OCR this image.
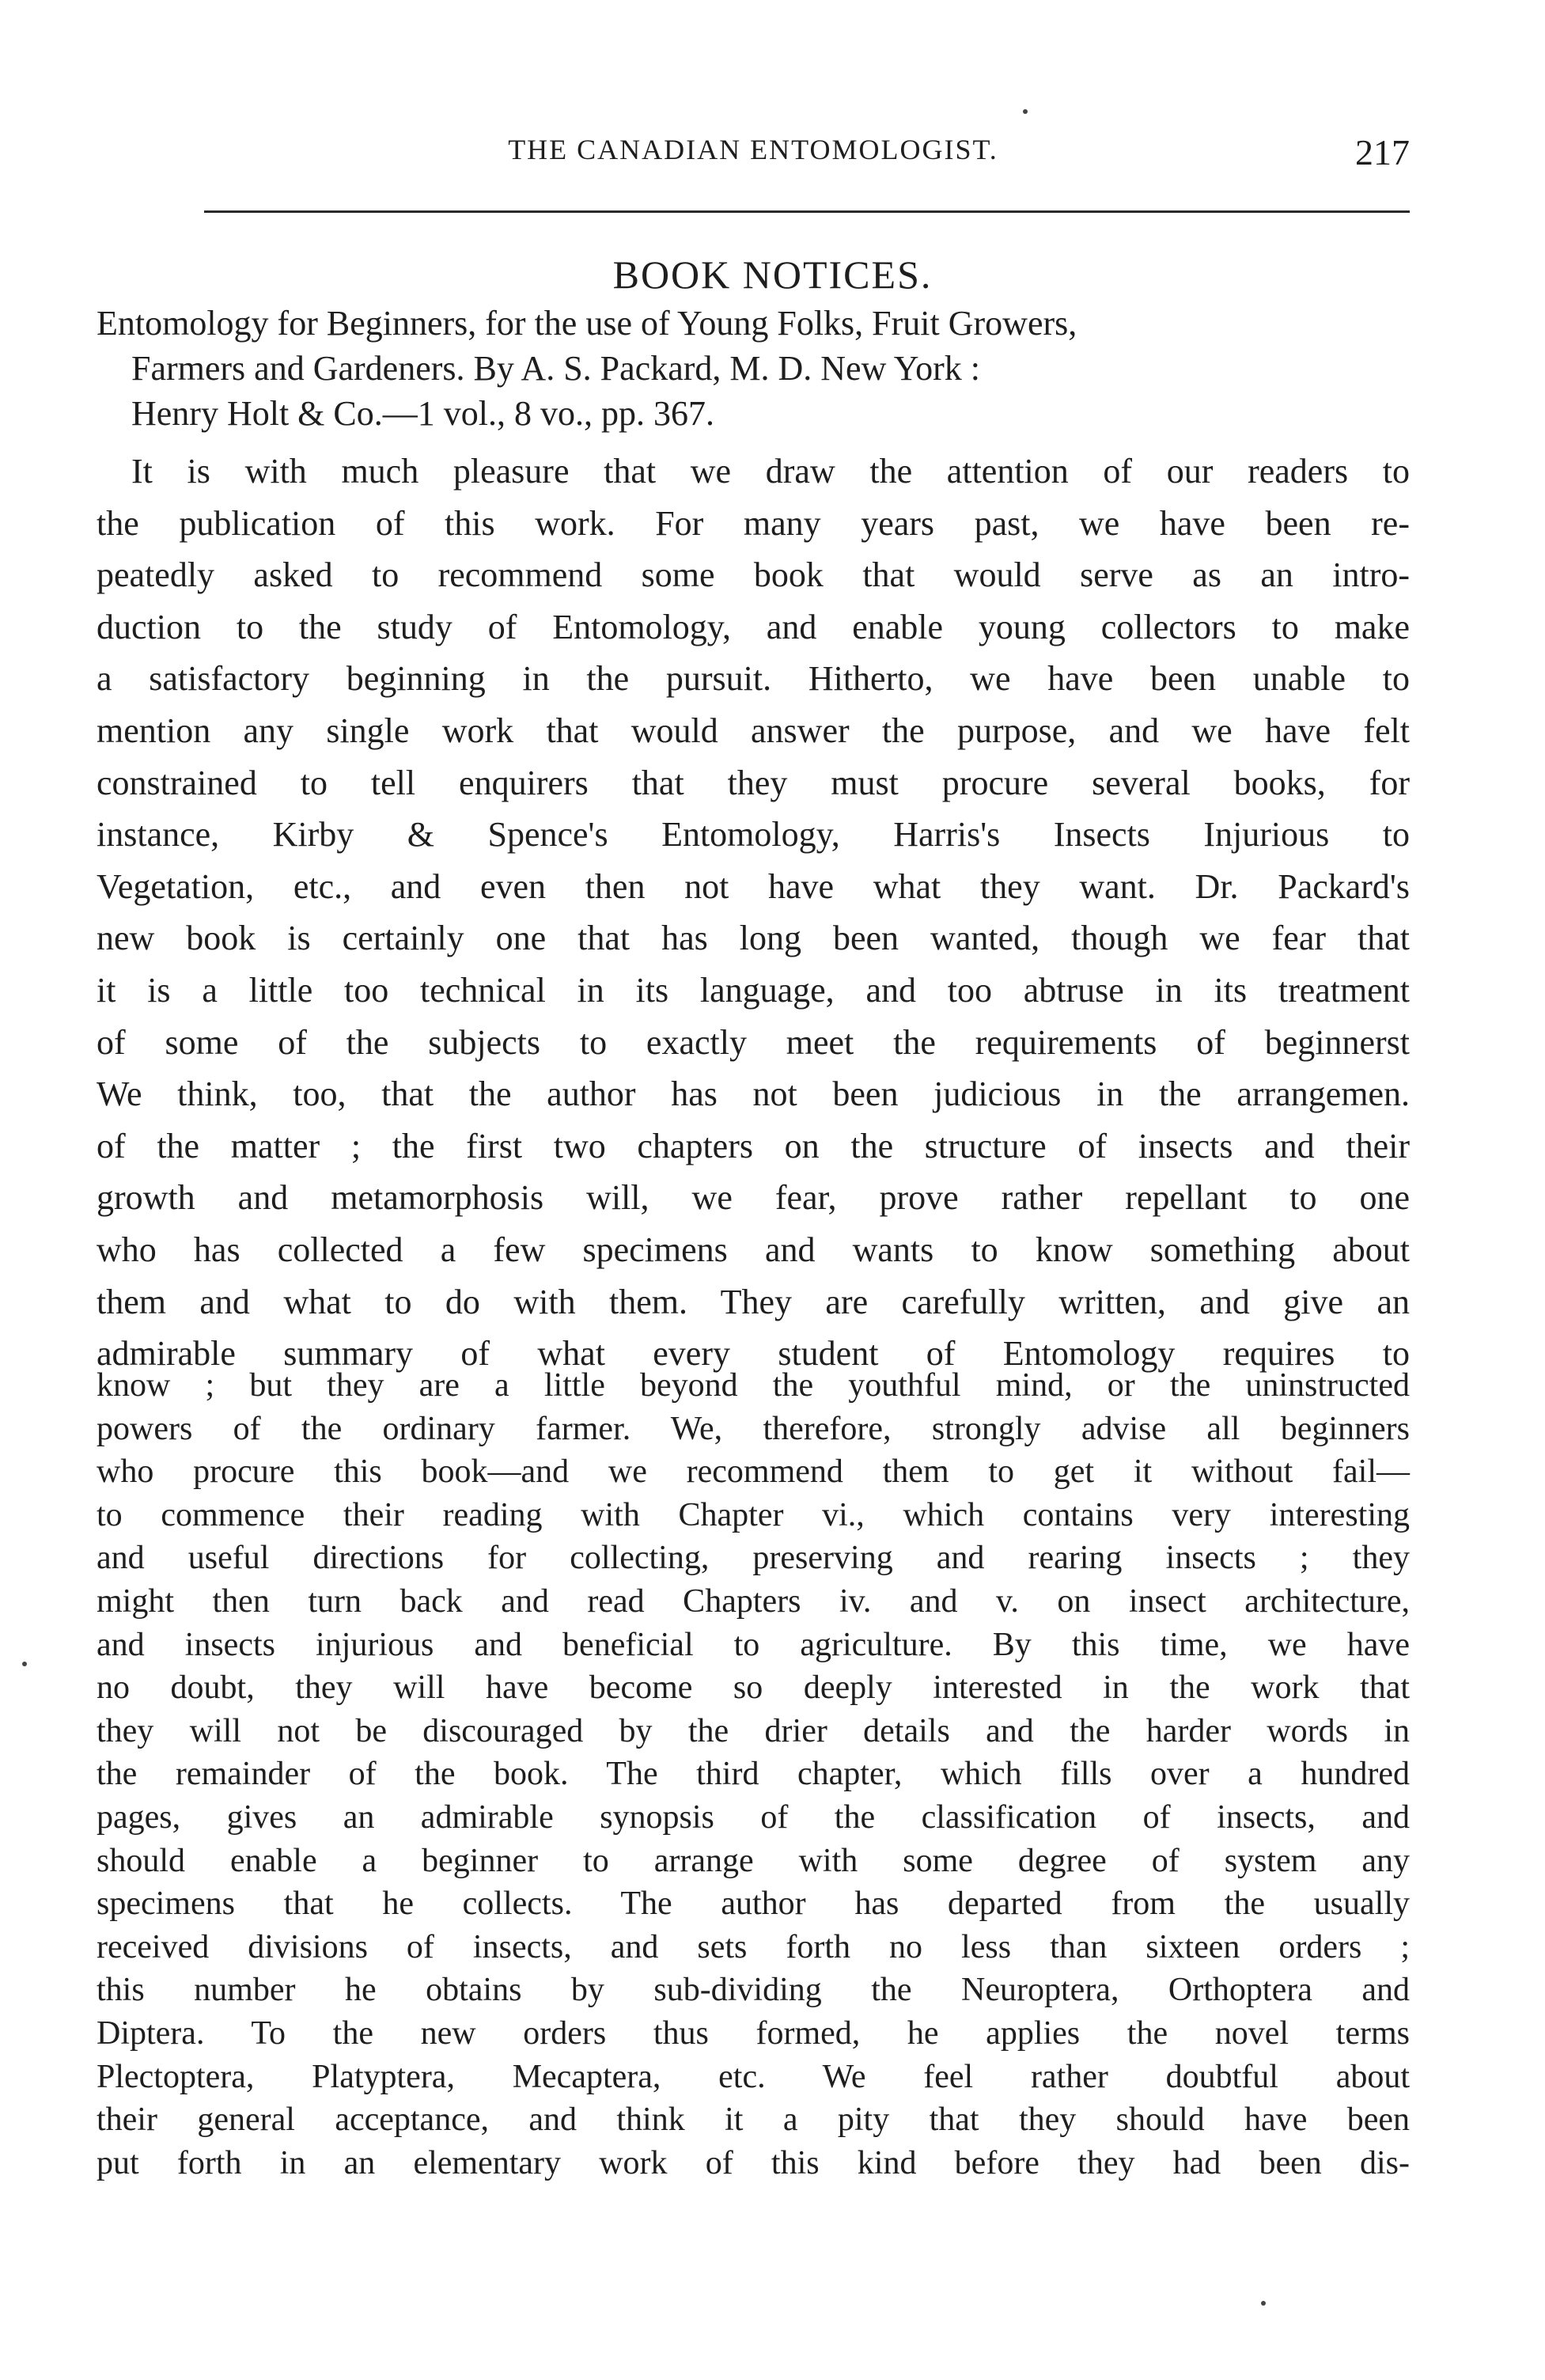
THE CANADIAN ENTOMOLOGIST.	217
BOOK NOTICES.
Entomology for Beginners, for the use of Young Folks, Fruit Growers,
Farmers and Gardeners. By A. S. Packard, M. D. New York :
Henry Holt & Co.—1 vol., 8 vo., pp. 367.
It is with much pleasure that we draw the attention of our readers to
the publication of this work. For many years past, we have been re-
peatedly asked to recommend some book that would serve as an intro-
duction to the study of Entomology, and enable young collectors to make
a satisfactory beginning in the pursuit. Hitherto, we have been unable to
mention any single work that would answer the purpose, and we have felt
constrained to tell enquirers that they must procure several books, for
instance, Kirby & Spence's Entomology, Harris's Insects Injurious to
Vegetation, etc., and even then not have what they want. Dr. Packard's
new book is certainly one that has long been wanted, though we fear that
it is a little too technical in its language, and too abtruse in its treatment
of some of the subjects to exactly meet the requirements of beginnerst
We think, too, that the author has not been judicious in the arrangemen.
of the matter ; the first two chapters on the structure of insects and their
growth and metamorphosis will, we fear, prove rather repellant to one
who has collected a few specimens and wants to know something about
them and what to do with them. They are carefully written, and give an
admirable summary of what every student of Entomology requires to
know ; but they are a little beyond the youthful mind, or the uninstructed
powers of the ordinary farmer. We, therefore, strongly advise all beginners
who procure this book—and we recommend them to get it without fail—
to commence their reading with Chapter vi., which contains very interesting
and useful directions for collecting, preserving and rearing insects ; they
might then turn back and read Chapters iv. and v. on insect architecture,
and insects injurious and beneficial to agriculture. By this time, we have
no doubt, they will have become so deeply interested in the work that
they will not be discouraged by the drier details and the harder words in
the remainder of the book. The third chapter, which fills over a hundred
pages, gives an admirable synopsis of the classification of insects, and
should enable a beginner to arrange with some degree of system any
specimens that he collects. The author has departed from the usually
received divisions of insects, and sets forth no less than sixteen orders ;
this number he obtains by sub-dividing the Neuroptera, Orthoptera and
Diptera. To the new orders thus formed, he applies the novel terms
Plectoptera, Platyptera, Mecaptera, etc. We feel rather doubtful about
their general acceptance, and think it a pity that they should have been
put forth in an elementary work of this kind before they had been dis-
